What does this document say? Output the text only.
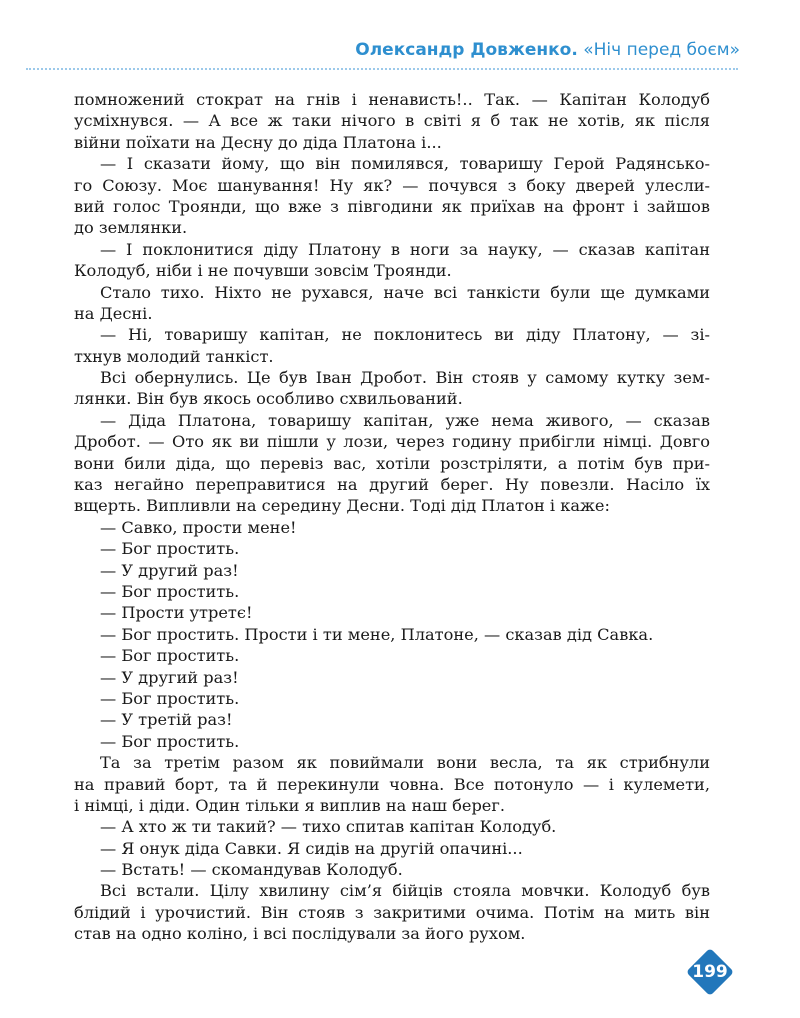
Олександр Довженко. «Ніч перед боєм»
помножений стократ на гнів і ненависть!.. Так. — Капітан Колодуб
усміхнувся. — А все ж таки нічого в світі я б так не хотів, як після
війни поїхати на Десну до діда Платона і...
— І сказати йому, що він помилявся, товаришу Герой Радянсько-
го Союзу. Моє шанування! Ну як? — почувся з боку дверей улесли-
вий голос Троянди, що вже з півгодини як приїхав на фронт і зайшов
до землянки.
— І поклонитися діду Платону в ноги за науку, — сказав капітан
Колодуб, ніби і не почувши зовсім Троянди.
Стало тихо. Ніхто не рухався, наче всі танкісти були ще думками
на Десні.
— Ні, товаришу капітан, не поклонитесь ви діду Платону, — зі-
тхнув молодий танкіст.
Всі обернулись. Це був Іван Дробот. Він стояв у самому кутку зем-
лянки. Він був якось особливо схвильований.
— Діда Платона, товаришу капітан, уже нема живого, — сказав
Дробот. — Ото як ви пішли у лози, через годину прибігли німці. Довго
вони били діда, що перевіз вас, хотіли розстріляти, а потім був при-
каз негайно переправитися на другий берег. Ну повезли. Насіло їх
вщерть. Випливли на середину Десни. Тоді дід Платон і каже:
— Савко, прости мене!
— Бог простить.
— У другий раз!
— Бог простить.
— Прости утретє!
— Бог простить. Прости і ти мене, Платоне, — сказав дід Савка.
— Бог простить.
— У другий раз!
— Бог простить.
— У третій раз!
— Бог простить.
Та за третім разом як повиймали вони весла, та як стрибнули
на правий борт, та й перекинули човна. Все потонуло — і кулемети,
і німці, і діди. Один тільки я виплив на наш берег.
— А хто ж ти такий? — тихо спитав капітан Колодуб.
— Я онук діда Савки. Я сидів на другій опачині...
— Встать! — скомандував Колодуб.
Всі встали. Цілу хвилину сім’я бійців стояла мовчки. Колодуб був
блідий і урочистий. Він стояв з закритими очима. Потім на мить він
став на одно коліно, і всі послідували за його рухом.
199
